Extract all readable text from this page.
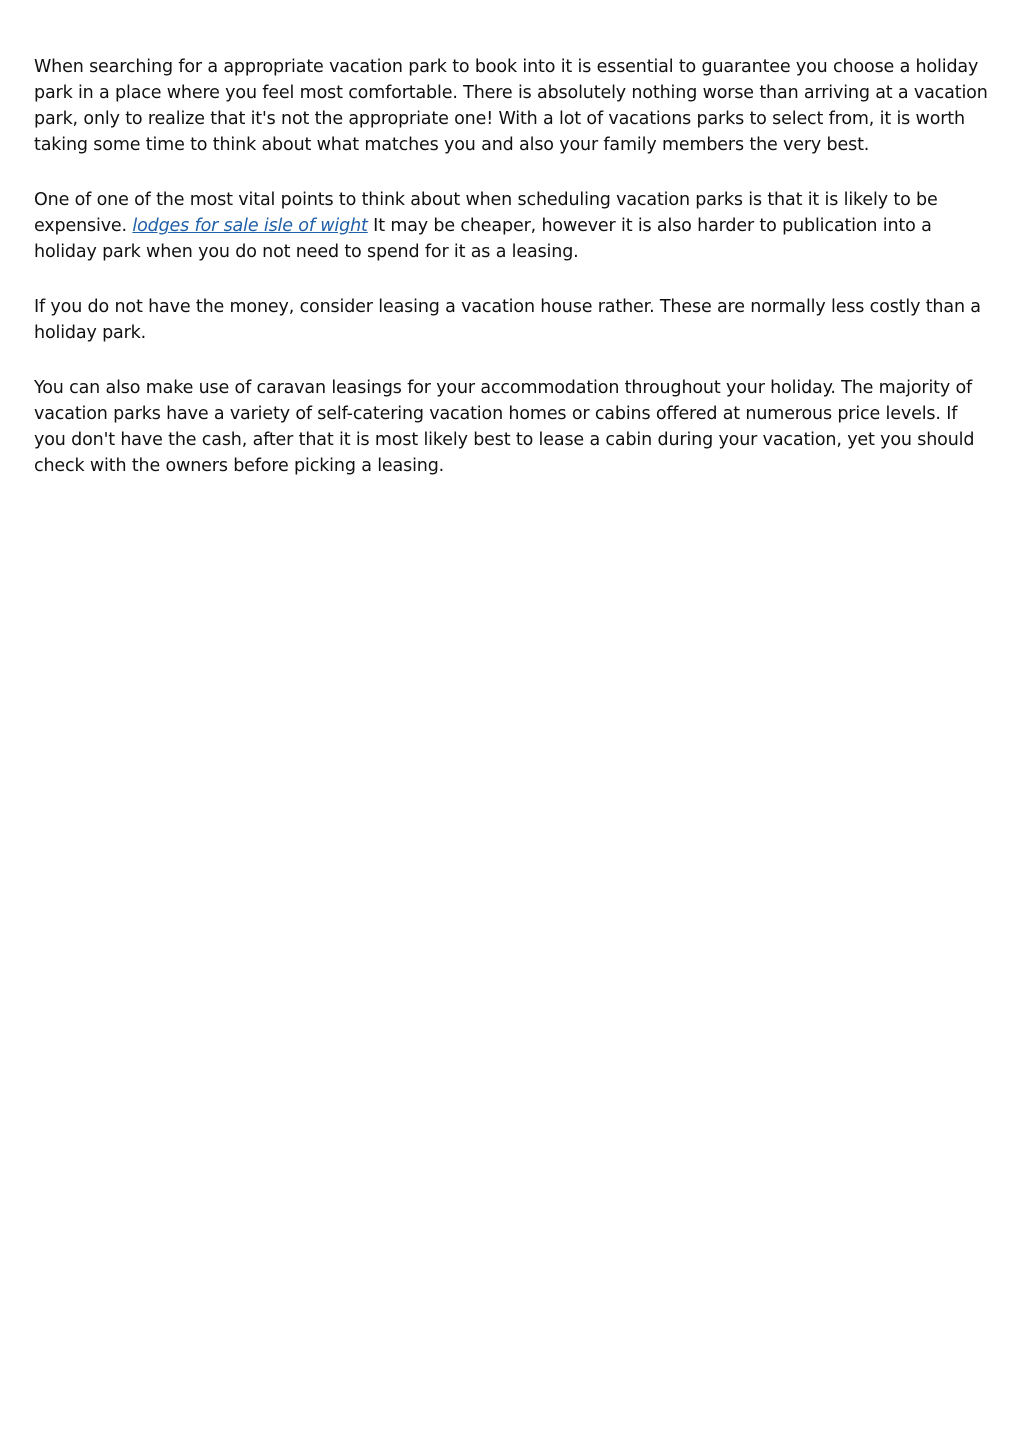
When searching for a appropriate vacation park to book into it is essential to guarantee you choose a holiday park in a place where you feel most comfortable. There is absolutely nothing worse than arriving at a vacation park, only to realize that it's not the appropriate one! With a lot of vacations parks to select from, it is worth taking some time to think about what matches you and also your family members the very best.

One of one of the most vital points to think about when scheduling vacation parks is that it is likely to be expensive. lodges for sale isle of wight It may be cheaper, however it is also harder to publication into a holiday park when you do not need to spend for it as a leasing.

If you do not have the money, consider leasing a vacation house rather. These are normally less costly than a holiday park.

You can also make use of caravan leasings for your accommodation throughout your holiday. The majority of vacation parks have a variety of self-catering vacation homes or cabins offered at numerous price levels. If you don't have the cash, after that it is most likely best to lease a cabin during your vacation, yet you should check with the owners before picking a leasing.
